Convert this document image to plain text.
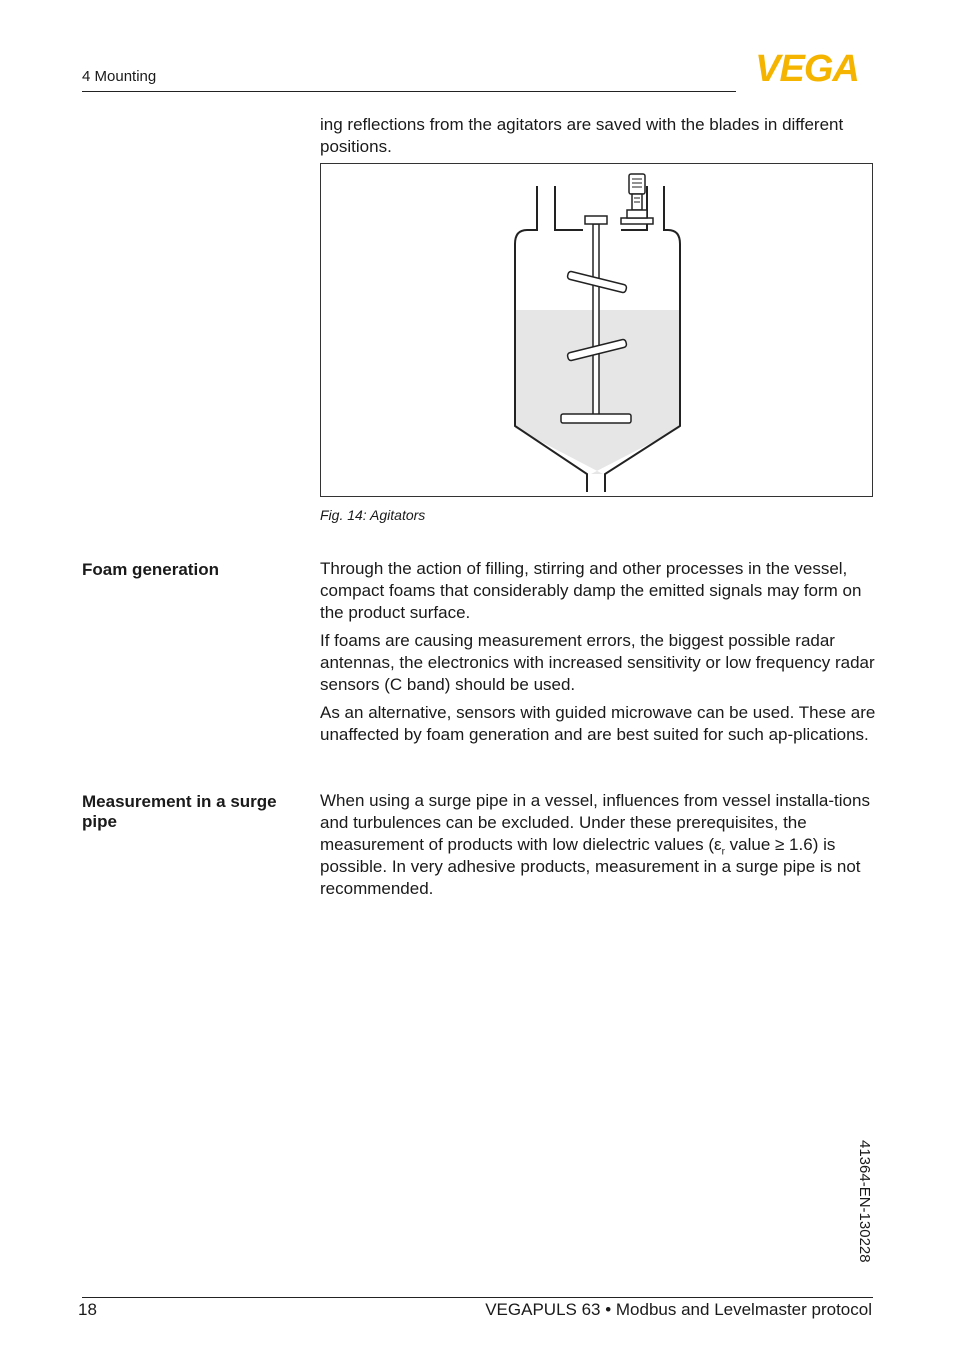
4 Mounting	VEGA

ing reflections from the agitators are saved with the blades in different positions.

Fig. 14: Agitators
Foam generation	Through the action of filling, stirring and other processes in the vessel, compact foams that considerably damp the emitted signals may form on the product surface.

If foams are causing measurement errors, the biggest possible radar antennas, the electronics with increased sensitivity or low frequency radar sensors (C band) should be used.

As an alternative, sensors with guided microwave can be used. These are unaffected by foam generation and are best suited for such ap-plications.

Measurement in a surge pipe

When using a surge pipe in a vessel, influences from vessel installa-tions and turbulences can be excluded. Under these prerequisites, the measurement of products with low dielectric values ($\varepsilon_r$ value ≥ 1.6) is possible. In very adhesive products, measurement in a surge pipe is not recommended.

41364-EN-130228
18	VEGAPULS 63 • Modbus and Levelmaster protocol
